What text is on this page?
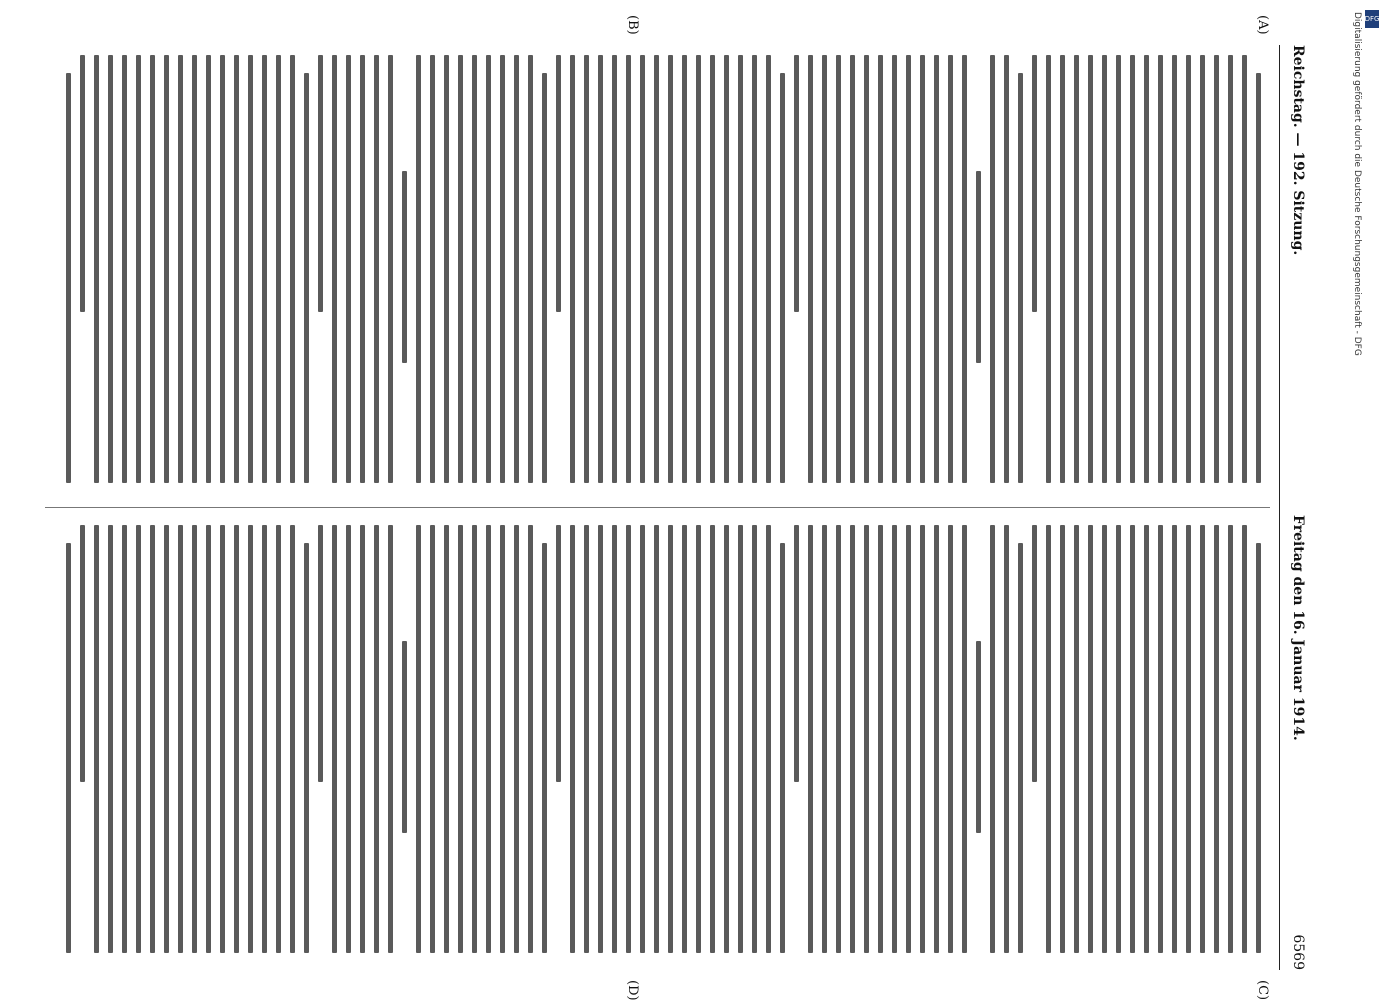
Reichstag. — 192. Sitzung.
Freitag den 16. Januar 1914.
6569
(A)
(B)
(C)
(D)
DFG
Digitalisierung gefördert durch die Deutsche Forschungsgemeinschaft - DFG
